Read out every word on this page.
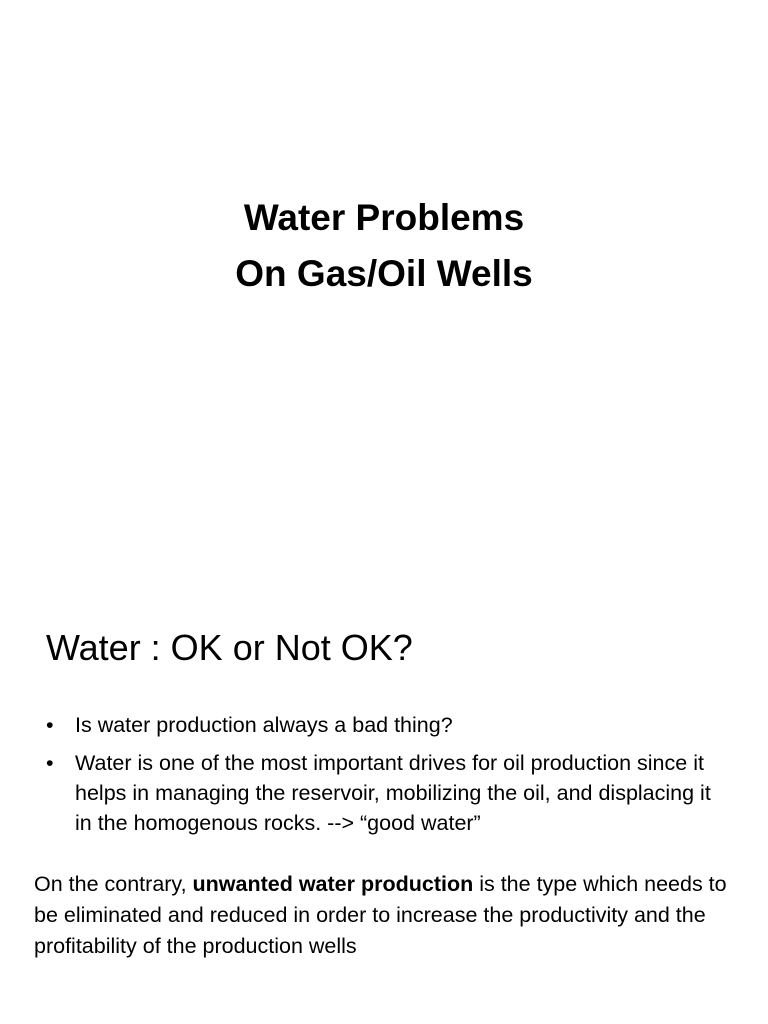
Water Problems
On Gas/Oil Wells
Water : OK or Not OK?
• Is water production always a bad thing?
• Water is one of the most important drives for oil production since it helps in managing the reservoir, mobilizing the oil, and displacing it in the homogenous rocks. --> “good water”

On the contrary, unwanted water production is the type which needs to be eliminated and reduced in order to increase the productivity and the profitability of the production wells
